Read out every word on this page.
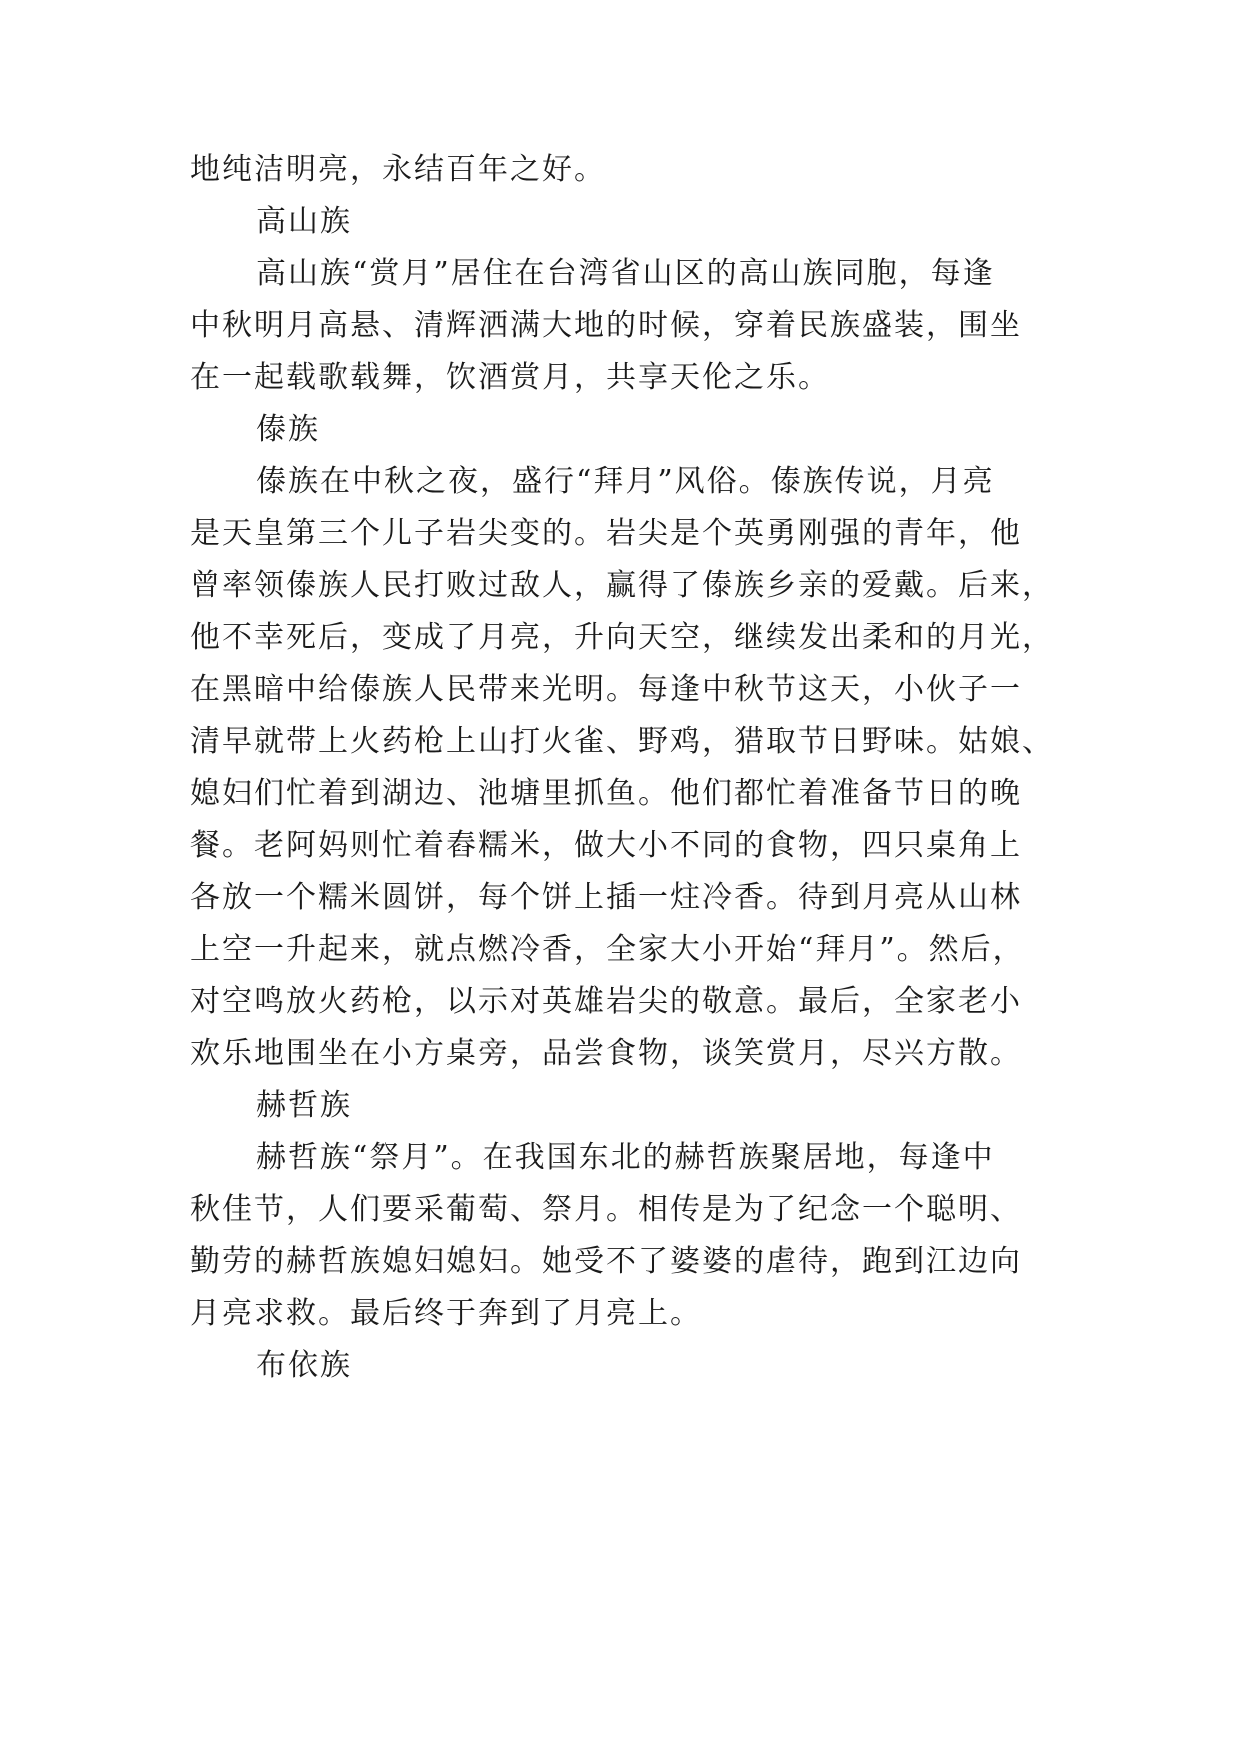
地纯洁明亮，永结百年之好。

高山族

高山族“赏月”居住在台湾省山区的高山族同胞，每逢

中秋明月高悬、清辉洒满大地的时候，穿着民族盛装，围坐

在一起载歌载舞，饮酒赏月，共享天伦之乐。

傣族

傣族在中秋之夜，盛行“拜月”风俗。傣族传说，月亮

是天皇第三个儿子岩尖变的。岩尖是个英勇刚强的青年，他

曾率领傣族人民打败过敌人，赢得了傣族乡亲的爱戴。后来，

他不幸死后，变成了月亮，升向天空，继续发出柔和的月光，

在黑暗中给傣族人民带来光明。每逢中秋节这天，小伙子一

清早就带上火药枪上山打火雀、野鸡，猎取节日野味。姑娘、

媳妇们忙着到湖边、池塘里抓鱼。他们都忙着准备节日的晚

餐。老阿妈则忙着舂糯米，做大小不同的食物，四只桌角上

各放一个糯米圆饼，每个饼上插一炷冷香。待到月亮从山林

上空一升起来，就点燃冷香，全家大小开始“拜月”。然后，

对空鸣放火药枪，以示对英雄岩尖的敬意。最后，全家老小

欢乐地围坐在小方桌旁，品尝食物，谈笑赏月，尽兴方散。

赫哲族

赫哲族“祭月”。在我国东北的赫哲族聚居地，每逢中

秋佳节，人们要采葡萄、祭月。相传是为了纪念一个聪明、

勤劳的赫哲族媳妇媳妇。她受不了婆婆的虐待，跑到江边向

月亮求救。最后终于奔到了月亮上。

布依族
